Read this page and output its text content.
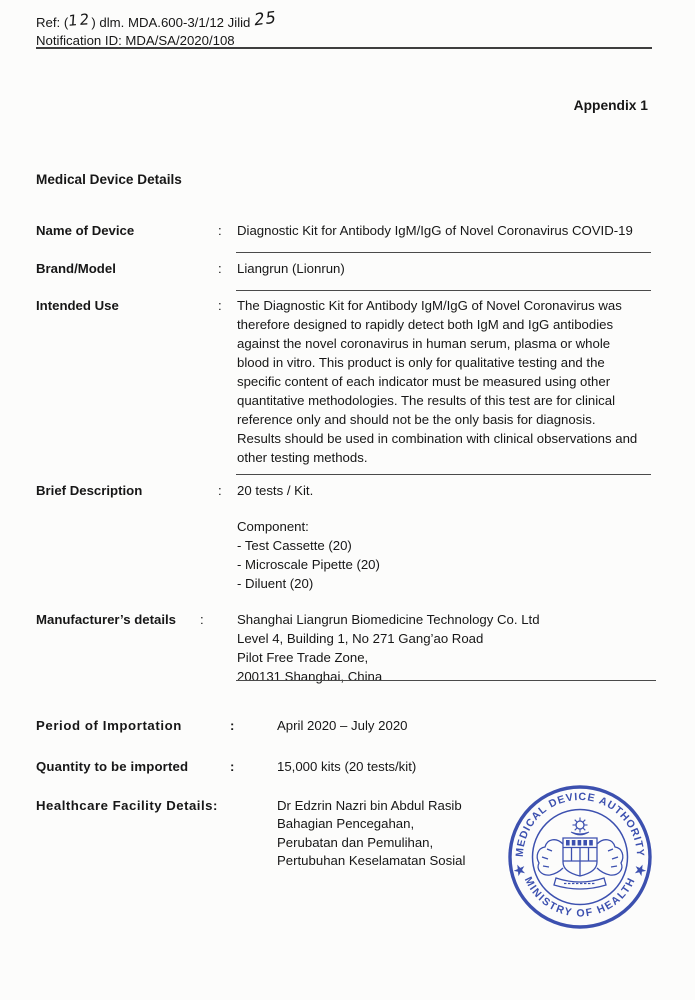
Ref: (12) dlm. MDA.600-3/1/12 Jilid 25
Notification ID: MDA/SA/2020/108
Appendix 1
Medical Device Details
Name of Device	: Diagnostic Kit for Antibody IgM/IgG of Novel Coronavirus COVID-19
Brand/Model	: Liangrun (Lionrun)
Intended Use	: The Diagnostic Kit for Antibody IgM/IgG of Novel Coronavirus was
therefore designed to rapidly detect both IgM and IgG antibodies
against the novel coronavirus in human serum, plasma or whole
blood in vitro. This product is only for qualitative testing and the
specific content of each indicator must be measured using other
quantitative methodologies. The results of this test are for clinical
reference only and should not be the only basis for diagnosis.
Results should be used in combination with clinical observations and
other testing methods.
Brief Description	: 20 tests / Kit.
Component:
- Test Cassette (20)
- Microscale Pipette (20)
- Diluent (20)
Manufacturer’s details :	Shanghai Liangrun Biomedicine Technology Co. Ltd
Level 4, Building 1, No 271 Gang’ao Road
Pilot Free Trade Zone,
200131 Shanghai, China
Period of Importation	:	April 2020 – July 2020
Quantity to be imported	:	15,000 kits (20 tests/kit)
Healthcare Facility Details:	Dr Edzrin Nazri bin Abdul Rasib
Bahagian Pencegahan,
Perubatan dan Pemulihan,
Pertubuhan Keselamatan Sosial
MEDICAL DEVICE AUTHORITY
MINISTRY OF HEALTH
★	★
